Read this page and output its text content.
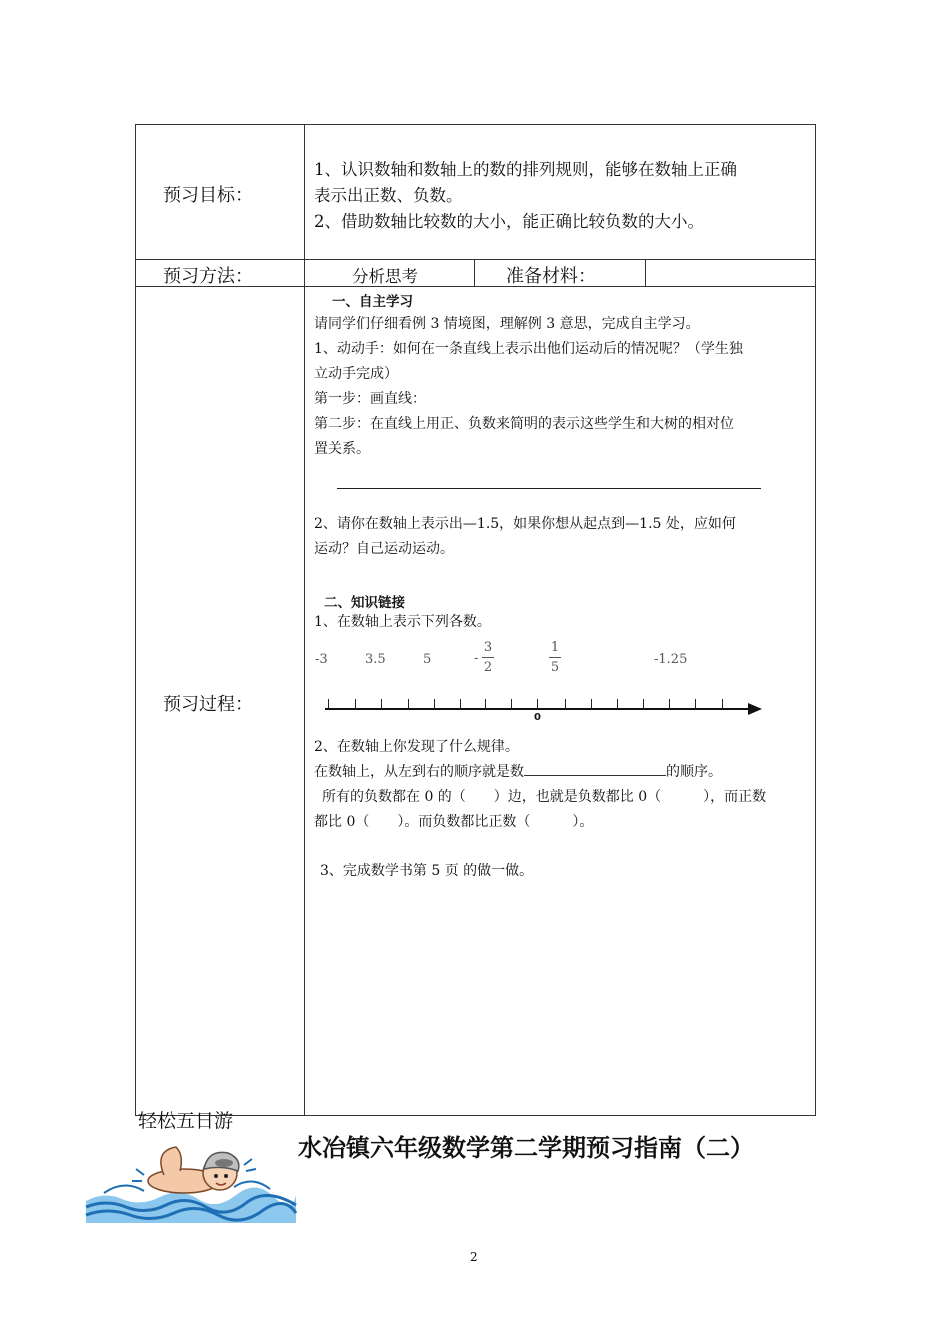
预习目标：
1、认识数轴和数轴上的数的排列规则，能够在数轴上正确
表示出正数、负数。
2、借助数轴比较数的大小，能正确比较负数的大小。
预习方法：	分析思考	准备材料：
预习过程：
一、自主学习
请同学们仔细看例 3 情境图，理解例 3 意思，完成自主学习。
1、动动手：如何在一条直线上表示出他们运动后的情况呢？（学生独
立动手完成）
第一步：画直线：
第二步：在直线上用正、负数来简明的表示这些学生和大树的相对位
置关系。
2、请你在数轴上表示出—1.5，如果你想从起点到—1.5 处，应如何
运动？自己运动运动。
二、知识链接
1、在数轴上表示下列各数。
-3	3.5	5	-
3
2
1
5
-1.25
0
2、在数轴上你发现了什么规律。
在数轴上，从左到右的顺序就是数	的顺序。
所有的负数都在 0 的（　　）边，也就是负数都比 0（　　　），而正数
都比 0（　　）。而负数都比正数（　　　）。
3、完成数学书第 5 页 的做一做。
轻松五日游
水冶镇六年级数学第二学期预习指南（二）
2
